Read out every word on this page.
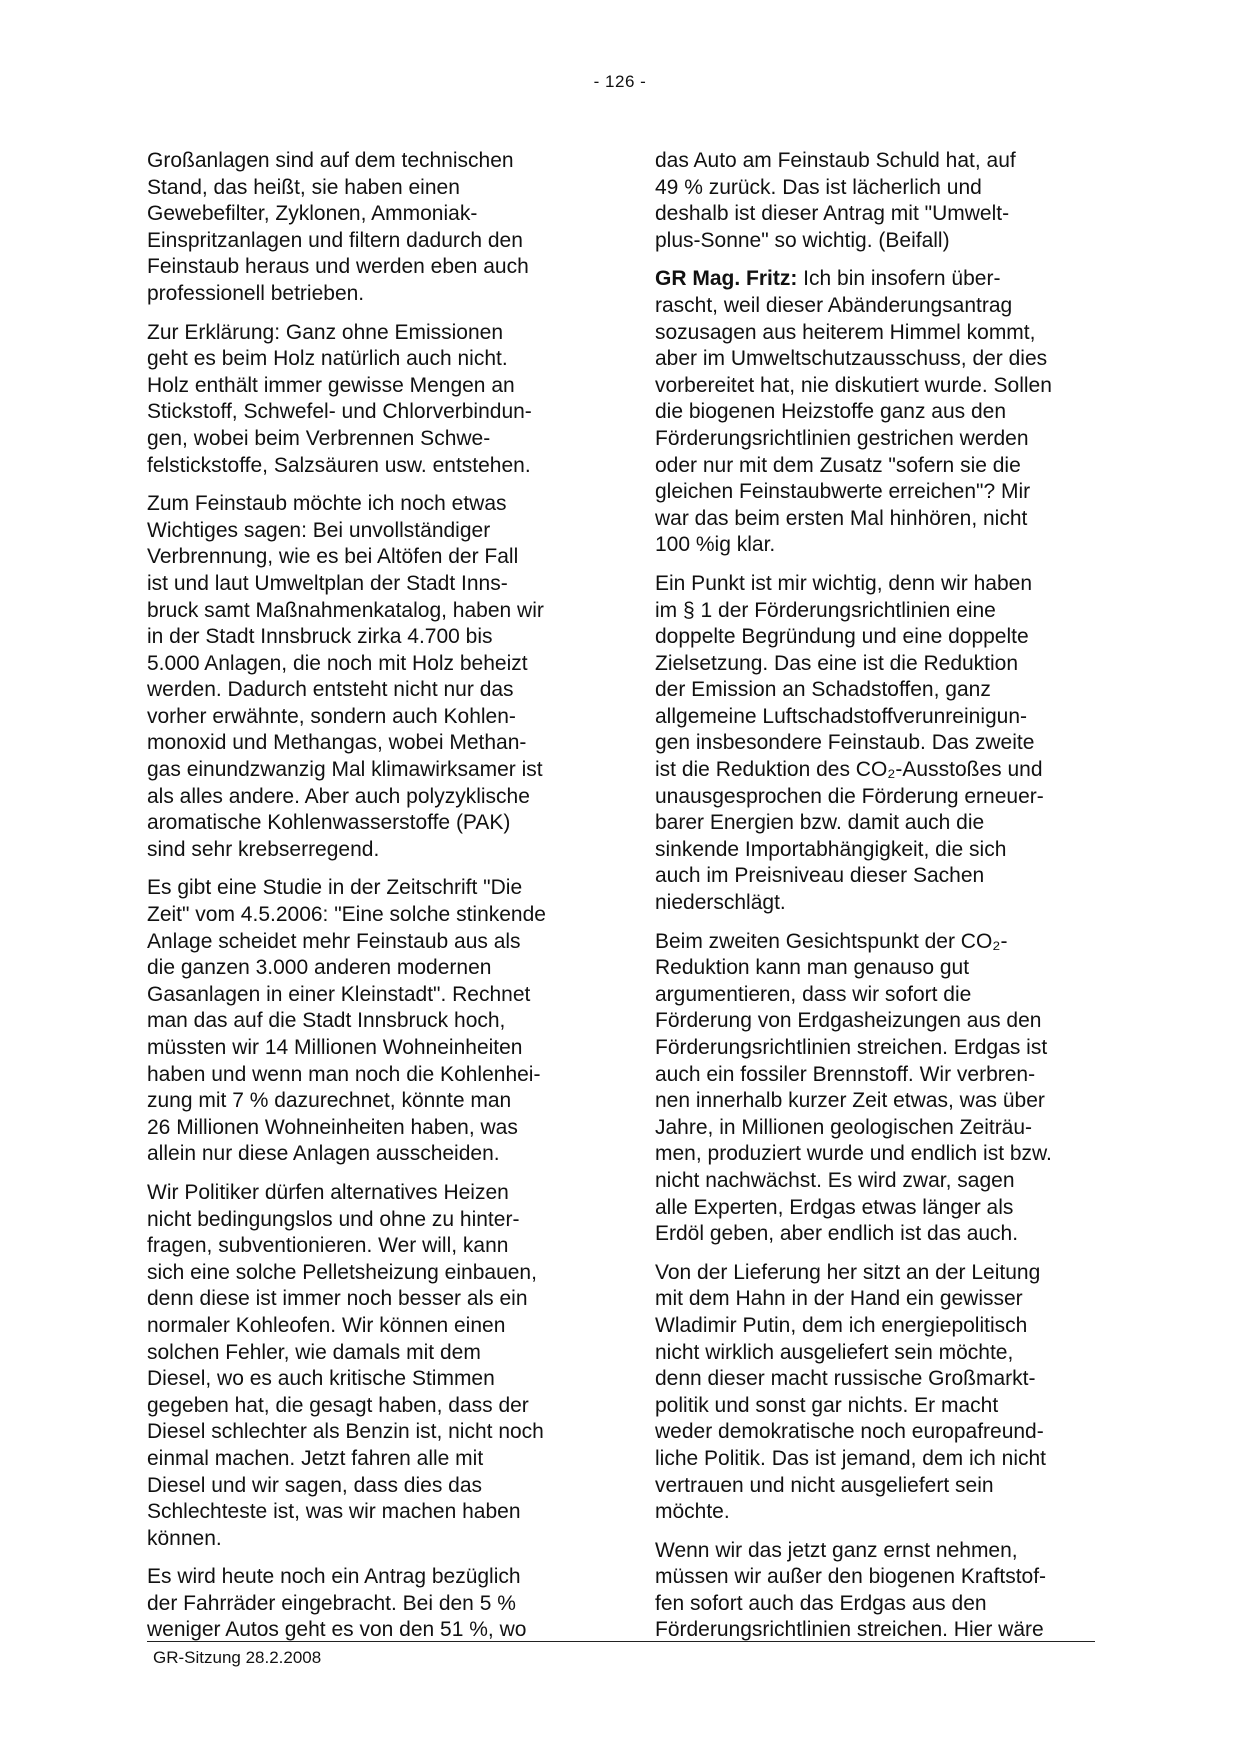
- 126 -

Großanlagen sind auf dem technischen
Stand, das heißt, sie haben einen
Gewebefilter, Zyklonen, Ammoniak-
Einspritzanlagen und filtern dadurch den
Feinstaub heraus und werden eben auch
professionell betrieben.

Zur Erklärung: Ganz ohne Emissionen
geht es beim Holz natürlich auch nicht.
Holz enthält immer gewisse Mengen an
Stickstoff, Schwefel- und Chlorverbindun-
gen, wobei beim Verbrennen Schwe-
felstickstoffe, Salzsäuren usw. entstehen.

Zum Feinstaub möchte ich noch etwas
Wichtiges sagen: Bei unvollständiger
Verbrennung, wie es bei Altöfen der Fall
ist und laut Umweltplan der Stadt Inns-
bruck samt Maßnahmenkatalog, haben wir
in der Stadt Innsbruck zirka 4.700 bis
5.000 Anlagen, die noch mit Holz beheizt
werden. Dadurch entsteht nicht nur das
vorher erwähnte, sondern auch Kohlen-
monoxid und Methangas, wobei Methan-
gas einundzwanzig Mal klimawirksamer ist
als alles andere. Aber auch polyzyklische
aromatische Kohlenwasserstoffe (PAK)
sind sehr krebserregend.

Es gibt eine Studie in der Zeitschrift "Die
Zeit" vom 4.5.2006: "Eine solche stinkende
Anlage scheidet mehr Feinstaub aus als
die ganzen 3.000 anderen modernen
Gasanlagen in einer Kleinstadt". Rechnet
man das auf die Stadt Innsbruck hoch,
müssten wir 14 Millionen Wohneinheiten
haben und wenn man noch die Kohlenhei-
zung mit 7 % dazurechnet, könnte man
26 Millionen Wohneinheiten haben, was
allein nur diese Anlagen ausscheiden.

Wir Politiker dürfen alternatives Heizen
nicht bedingungslos und ohne zu hinter-
fragen, subventionieren. Wer will, kann
sich eine solche Pelletsheizung einbauen,
denn diese ist immer noch besser als ein
normaler Kohleofen. Wir können einen
solchen Fehler, wie damals mit dem
Diesel, wo es auch kritische Stimmen
gegeben hat, die gesagt haben, dass der
Diesel schlechter als Benzin ist, nicht noch
einmal machen. Jetzt fahren alle mit
Diesel und wir sagen, dass dies das
Schlechteste ist, was wir machen haben
können.

Es wird heute noch ein Antrag bezüglich
der Fahrräder eingebracht. Bei den 5 %
weniger Autos geht es von den 51 %, wo

das Auto am Feinstaub Schuld hat, auf
49 % zurück. Das ist lächerlich und
deshalb ist dieser Antrag mit "Umwelt-
plus-Sonne" so wichtig. (Beifall)

GR Mag. Fritz: Ich bin insofern über-
rascht, weil dieser Abänderungsantrag
sozusagen aus heiterem Himmel kommt,
aber im Umweltschutzausschuss, der dies
vorbereitet hat, nie diskutiert wurde. Sollen
die biogenen Heizstoffe ganz aus den
Förderungsrichtlinien gestrichen werden
oder nur mit dem Zusatz "sofern sie die
gleichen Feinstaubwerte erreichen"? Mir
war das beim ersten Mal hinhören, nicht
100 %ig klar.

Ein Punkt ist mir wichtig, denn wir haben
im § 1 der Förderungsrichtlinien eine
doppelte Begründung und eine doppelte
Zielsetzung. Das eine ist die Reduktion
der Emission an Schadstoffen, ganz
allgemeine Luftschadstoffverunreinigun-
gen insbesondere Feinstaub. Das zweite
ist die Reduktion des CO₂-Ausstoßes und
unausgesprochen die Förderung erneuer-
barer Energien bzw. damit auch die
sinkende Importabhängigkeit, die sich
auch im Preisniveau dieser Sachen
niederschlägt.

Beim zweiten Gesichtspunkt der CO₂-
Reduktion kann man genauso gut
argumentieren, dass wir sofort die
Förderung von Erdgasheizungen aus den
Förderungsrichtlinien streichen. Erdgas ist
auch ein fossiler Brennstoff. Wir verbren-
nen innerhalb kurzer Zeit etwas, was über
Jahre, in Millionen geologischen Zeiträu-
men, produziert wurde und endlich ist bzw.
nicht nachwächst. Es wird zwar, sagen
alle Experten, Erdgas etwas länger als
Erdöl geben, aber endlich ist das auch.

Von der Lieferung her sitzt an der Leitung
mit dem Hahn in der Hand ein gewisser
Wladimir Putin, dem ich energiepolitisch
nicht wirklich ausgeliefert sein möchte,
denn dieser macht russische Großmarkt-
politik und sonst gar nichts. Er macht
weder demokratische noch europafreund-
liche Politik. Das ist jemand, dem ich nicht
vertrauen und nicht ausgeliefert sein
möchte.

Wenn wir das jetzt ganz ernst nehmen,
müssen wir außer den biogenen Kraftstof-
fen sofort auch das Erdgas aus den
Förderungsrichtlinien streichen. Hier wäre

GR-Sitzung 28.2.2008
